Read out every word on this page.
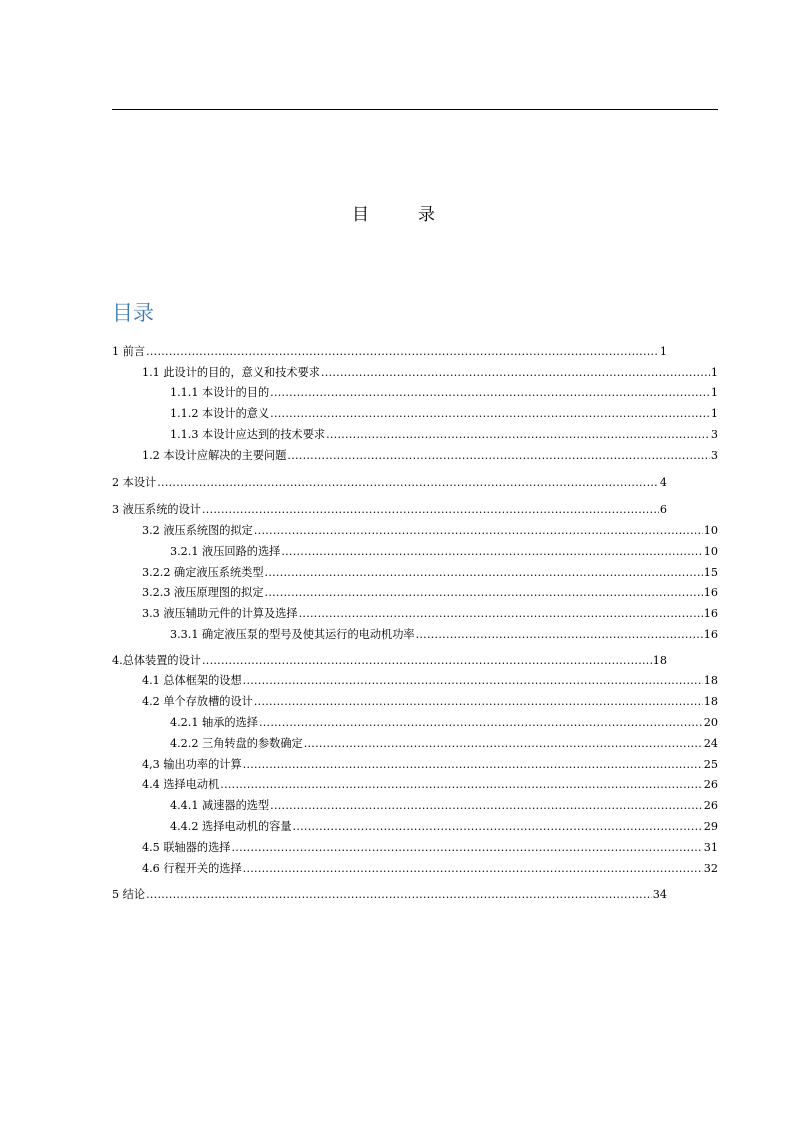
目　录
目录
1 前言 . . .	1
1.1 此设计的目的，意义和技术要求 . . .	1
1.1.1 本设计的目的 . . .	1
1.1.2 本设计的意义 . . .	1
1.1.3 本设计应达到的技术要求 . . .	3
1.2 本设计应解决的主要问题 . . .	3
2 本设计 . . .	4
3 液压系统的设计 . . .	6
3.2 液压系统图的拟定 . . .	10
3.2.1 液压回路的选择 . . .	10
3.2.2 确定液压系统类型 . . .	15
3.2.3 液压原理图的拟定 . . .	16
3.3 液压辅助元件的计算及选择 . . .	16
3.3.1 确定液压泵的型号及使其运行的电动机功率 . . .	16
4.总体装置的设计 . . .	18
4.1 总体框架的设想 . . .	18
4.2 单个存放槽的设计 . . .	18
4.2.1 轴承的选择 . . .	20
4.2.2 三角转盘的参数确定 . . .	24
4,3 输出功率的计算 . . .	25
4.4 选择电动机 . . .	26
4.4.1 减速器的选型 . . .	26
4.4.2 选择电动机的容量 . . .	29
4.5 联轴器的选择 . . .	31
4.6 行程开关的选择 . . .	32
5 结论 . . .	34
